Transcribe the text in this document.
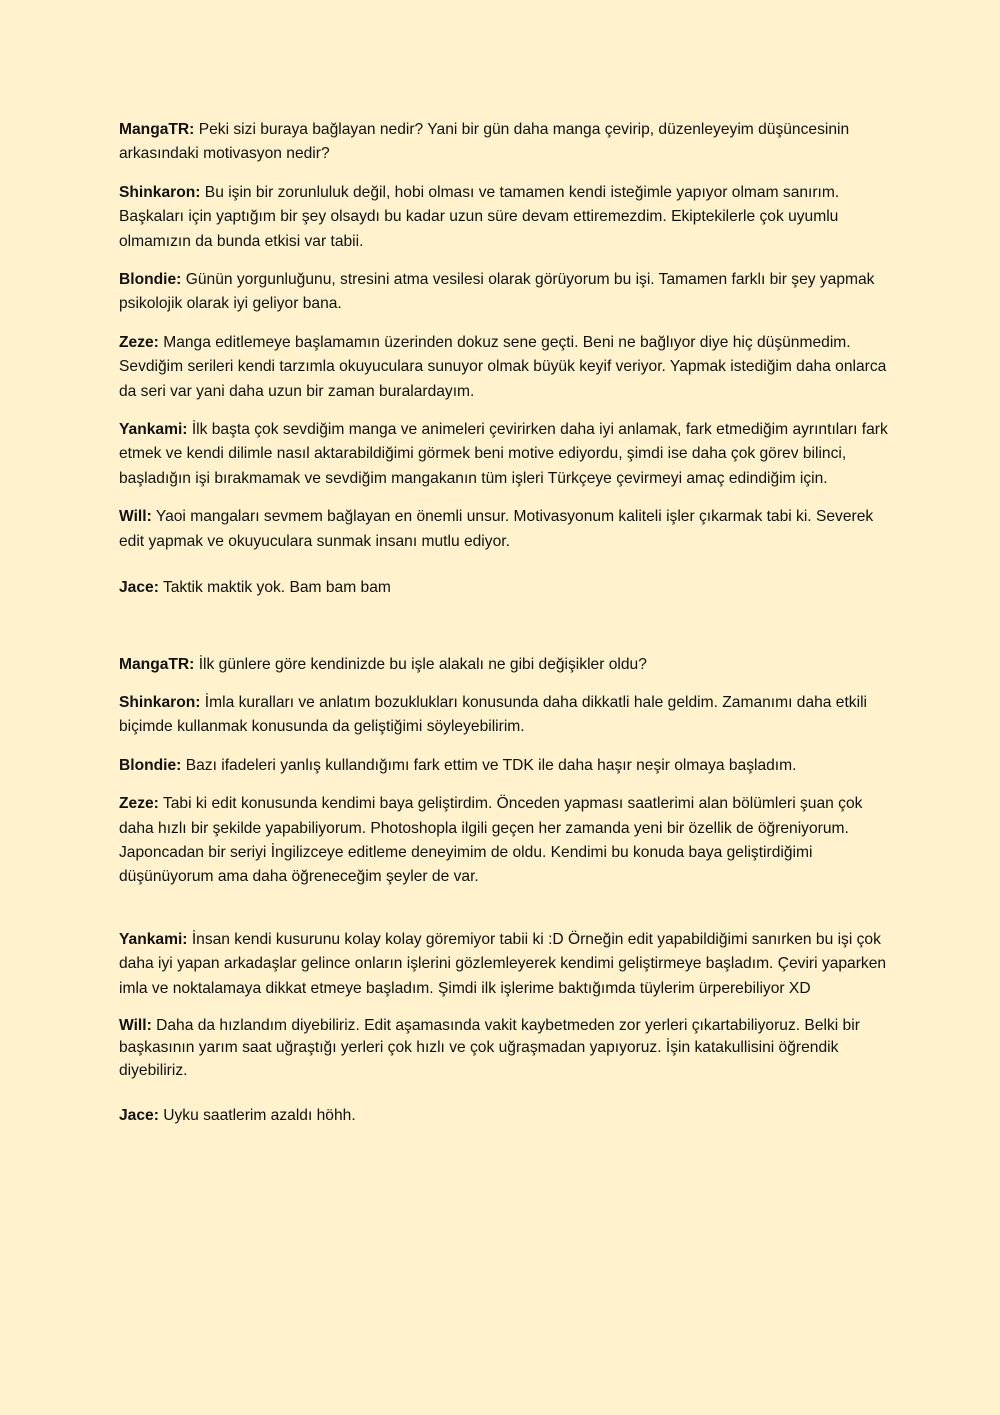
MangaTR: Peki sizi buraya bağlayan nedir? Yani bir gün daha manga çevirip, düzenleyeyim düşüncesinin arkasındaki motivasyon nedir?

Shinkaron: Bu işin bir zorunluluk değil, hobi olması ve tamamen kendi isteğimle yapıyor olmam sanırım. Başkaları için yaptığım bir şey olsaydı bu kadar uzun süre devam ettiremezdim. Ekiptekilerle çok uyumlu olmamızın da bunda etkisi var tabii.

Blondie: Günün yorgunluğunu, stresini atma vesilesi olarak görüyorum bu işi. Tamamen farklı bir şey yapmak psikolojik olarak iyi geliyor bana.

Zeze: Manga editlemeye başlamamın üzerinden dokuz sene geçti. Beni ne bağlıyor diye hiç düşünmedim. Sevdiğim serileri kendi tarzımla okuyuculara sunuyor olmak büyük keyif veriyor. Yapmak istediğim daha onlarca da seri var yani daha uzun bir zaman buralardayım.

Yankami: İlk başta çok sevdiğim manga ve animeleri çevirirken daha iyi anlamak, fark etmediğim ayrıntıları fark etmek ve kendi dilimle nasıl aktarabildiğimi görmek beni motive ediyordu, şimdi ise daha çok görev bilinci, başladığın işi bırakmamak ve sevdiğim mangakanın tüm işleri Türkçeye çevirmeyi amaç edindiğim için.

Will: Yaoi mangaları sevmem bağlayan en önemli unsur. Motivasyonum kaliteli işler çıkarmak tabi ki. Severek edit yapmak ve okuyuculara sunmak insanı mutlu ediyor.

Jace: Taktik maktik yok. Bam bam bam

MangaTR: İlk günlere göre kendinizde bu işle alakalı ne gibi değişikler oldu?

Shinkaron: İmla kuralları ve anlatım bozuklukları konusunda daha dikkatli hale geldim. Zamanımı daha etkili biçimde kullanmak konusunda da geliştiğimi söyleyebilirim.

Blondie: Bazı ifadeleri yanlış kullandığımı fark ettim ve TDK ile daha haşır neşir olmaya başladım.

Zeze: Tabi ki edit konusunda kendimi baya geliştirdim. Önceden yapması saatlerimi alan bölümleri şuan çok daha hızlı bir şekilde yapabiliyorum. Photoshopla ilgili geçen her zamanda yeni bir özellik de öğreniyorum. Japoncadan bir seriyi İngilizceye editleme deneyimim de oldu. Kendimi bu konuda baya geliştirdiğimi düşünüyorum ama daha öğreneceğim şeyler de var.

Yankami: İnsan kendi kusurunu kolay kolay göremiyor tabii ki :D Örneğin edit yapabildiğimi sanırken bu işi çok daha iyi yapan arkadaşlar gelince onların işlerini gözlemleyerek kendimi geliştirmeye başladım. Çeviri yaparken imla ve noktalamaya dikkat etmeye başladım. Şimdi ilk işlerime baktığımda tüylerim ürperebiliyor XD

Will: Daha da hızlandım diyebiliriz. Edit aşamasında vakit kaybetmeden zor yerleri çıkartabiliyoruz. Belki bir başkasının yarım saat uğraştığı yerleri çok hızlı ve çok uğraşmadan yapıyoruz. İşin katakullisini öğrendik diyebiliriz.

Jace: Uyku saatlerim azaldı höhh.
